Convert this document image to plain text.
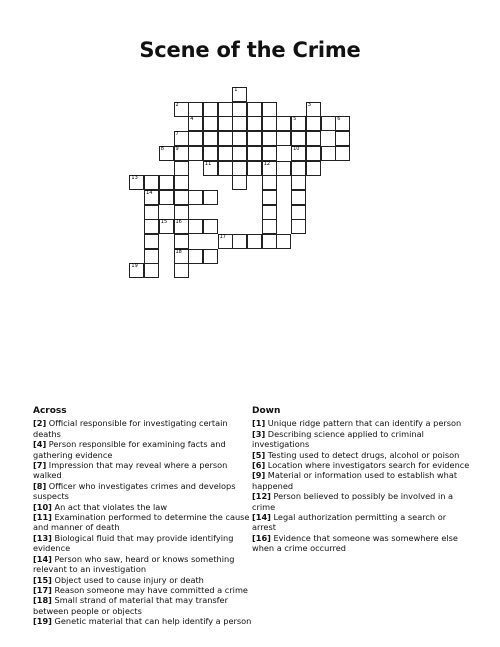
Scene of the Crime
1
2	3
4	5	6
7
8 9	10
11	12
13
14
15 16
17
18
19
Across

[2] Official responsible for investigating certain deaths

[4] Person responsible for examining facts and gathering evidence

[7] Impression that may reveal where a person walked

[8] Officer who investigates crimes and develops suspects

[10] An act that violates the law

[11] Examination performed to determine the cause and manner of death

[13] Biological fluid that may provide identifying evidence

[14] Person who saw, heard or knows something relevant to an investigation

[15] Object used to cause injury or death

[17] Reason someone may have committed a crime

[18] Small strand of material that may transfer between people or objects

[19] Genetic material that can help identify a person

Down

[1] Unique ridge pattern that can identify a person

[3] Describing science applied to criminal investigations

[5] Testing used to detect drugs, alcohol or poison

[6] Location where investigators search for evidence

[9] Material or information used to establish what happened

[12] Person believed to possibly be involved in a crime

[14] Legal authorization permitting a search or arrest

[16] Evidence that someone was somewhere else when a crime occurred
